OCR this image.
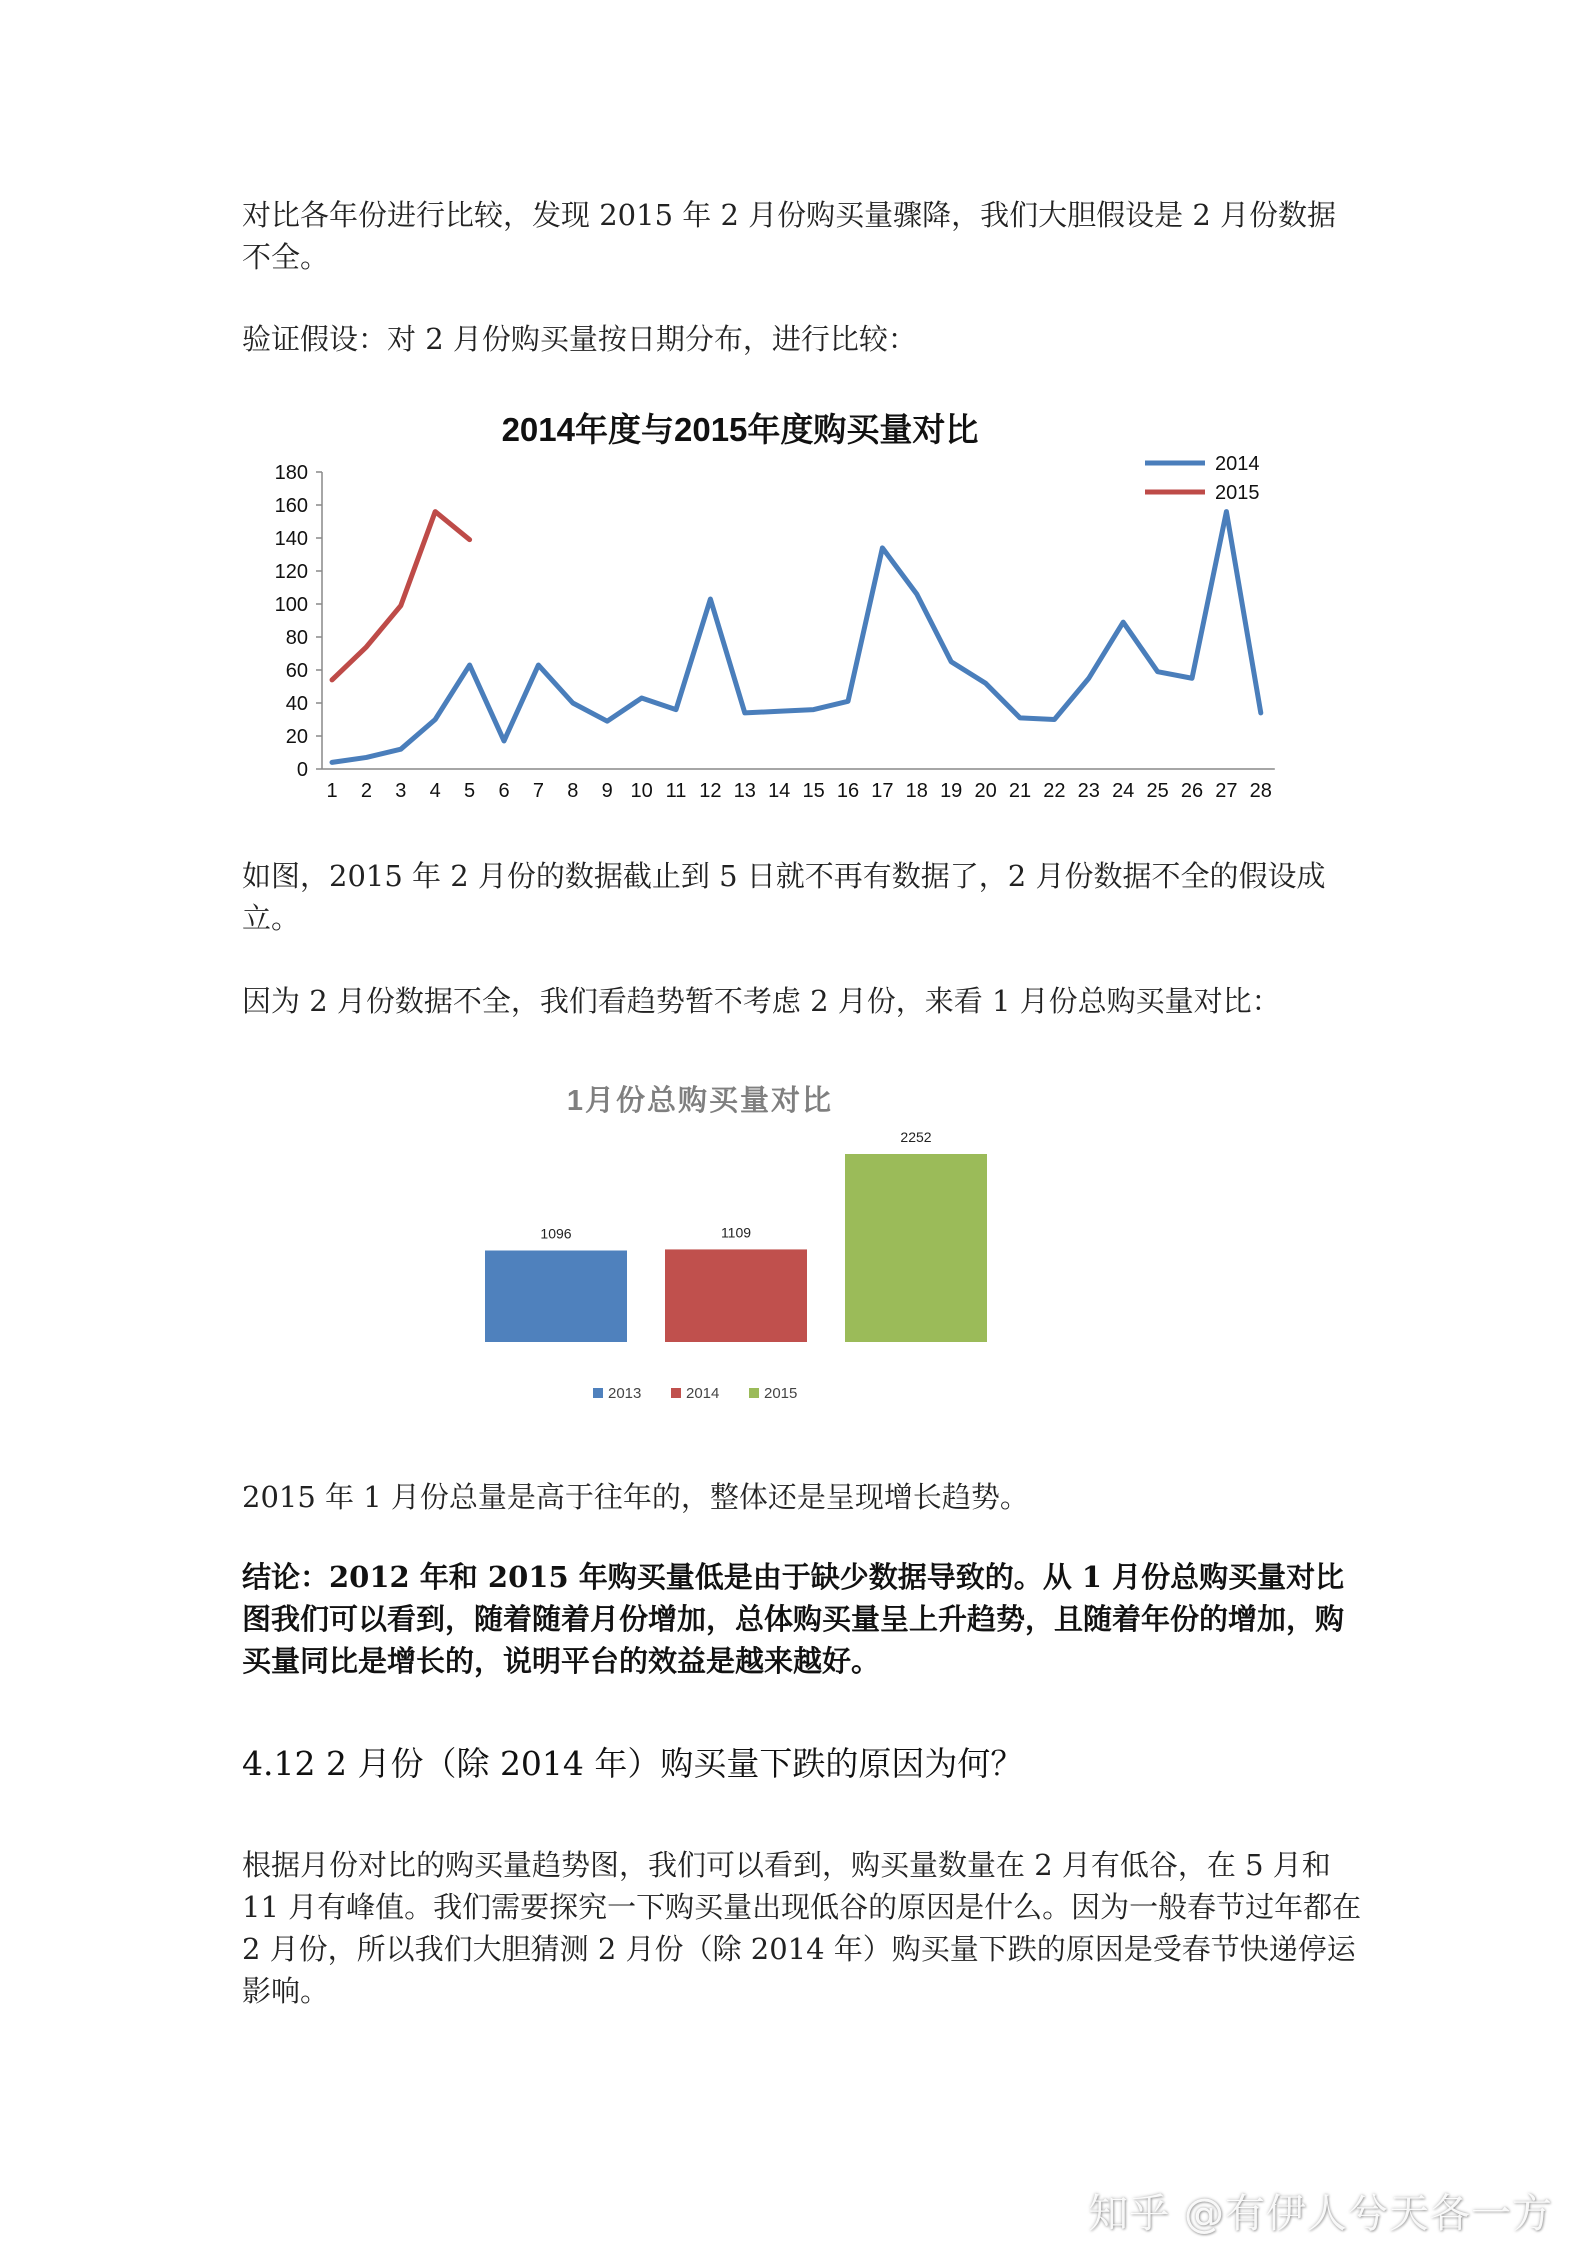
对比各年份进行比较，发现 2015 年 2 月份购买量骤降，我们大胆假设是 2 月份数据不全。

验证假设：对 2 月份购买量按日期分布，进行比较：

2014年度与2015年度购买量对比
0
20
40
60
80
100
120
140
160
180
1 2 3 4 5 6 7 8 9 10 11 12 13 14 15 16 17 18 19 20 21 22 23 24 25 26 27 28
2014
2015

如图，2015 年 2 月份的数据截止到 5 日就不再有数据了，2 月份数据不全的假设成立。

因为 2 月份数据不全，我们看趋势暂不考虑 2 月份，来看 1 月份总购买量对比：

1月份总购买量对比
1096	1109
2252
2013	2014	2015

2015 年 1 月份总量是高于往年的，整体还是呈现增长趋势。

结论：2012 年和 2015 年购买量低是由于缺少数据导致的。从 1 月份总购买量对比图我们可以看到，随着随着月份增加，总体购买量呈上升趋势，且随着年份的增加，购买量同比是增长的，说明平台的效益是越来越好。

4.12 2 月份（除 2014 年）购买量下跌的原因为何？

根据月份对比的购买量趋势图，我们可以看到，购买量数量在 2 月有低谷，在 5 月和 11 月有峰值。我们需要探究一下购买量出现低谷的原因是什么。因为一般春节过年都在 2 月份，所以我们大胆猜测 2 月份（除 2014 年）购买量下跌的原因是受春节快递停运影响。

知乎 @有伊人兮天各一方
